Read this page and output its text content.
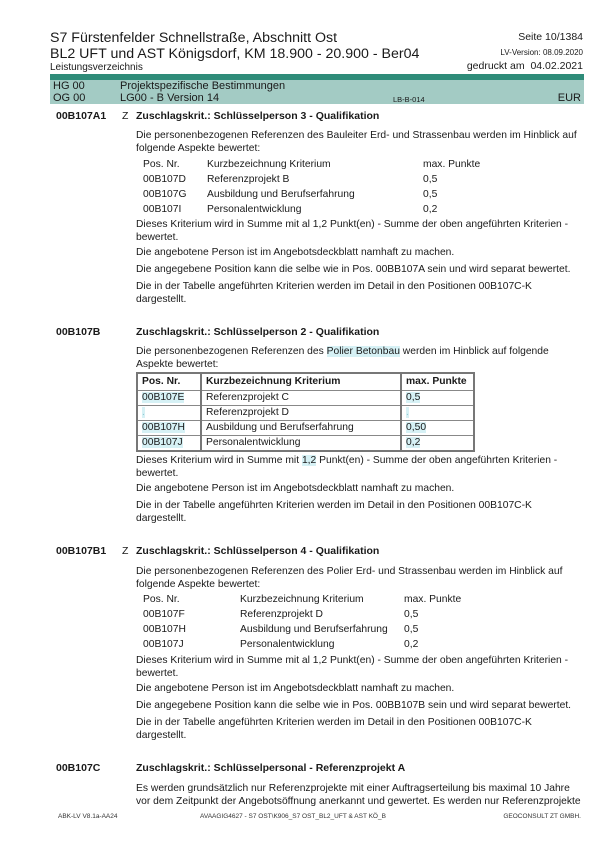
S7 Fürstenfelder Schnellstraße, Abschnitt Ost
BL2 UFT und AST Königsdorf, KM 18.900 - 20.900 - Ber04
Leistungsverzeichnis
Seite 10/1384
LV-Version: 08.09.2020
gedruckt am 04.02.2021
HG 00	Projektspezifische Bestimmungen
OG 00	LG00 - B Version 14	LB-B-014	EUR
00B107A1 Z Zuschlagskrit.: Schlüsselperson 3 - Qualifikation
Die personenbezogenen Referenzen des Bauleiter Erd- und Strassenbau werden im Hinblick auf folgende Aspekte bewertet:
Pos. Nr.	Kurzbezeichnung Kriterium	max. Punkte
00B107D	Referenzprojekt B	0,5
00B107G	Ausbildung und Berufserfahrung	0,5
00B107I	Personalentwicklung	0,2
Dieses Kriterium wird in Summe mit al 1,2 Punkt(en) - Summe der oben angeführten Kriterien - bewertet.
Die angebotene Person ist im Angebotsdeckblatt namhaft zu machen.
Die angegebene Position kann die selbe wie in Pos. 00BB107A sein und wird separat bewertet.
Die in der Tabelle angeführten Kriterien werden im Detail in den Positionen 00B107C-K dargestellt.
00B107B	Zuschlagskrit.: Schlüsselperson 2 - Qualifikation
Die personenbezogenen Referenzen des Polier Betonbau werden im Hinblick auf folgende Aspekte bewertet:
Pos. Nr.	Kurzbezeichnung Kriterium	max. Punkte
00B107E	Referenzprojekt C	0,5
.	Referenzprojekt D	.
00B107H	Ausbildung und Berufserfahrung	0,50
00B107J	Personalentwicklung	0,2
Dieses Kriterium wird in Summe mit 1,2 Punkt(en) - Summe der oben angeführten Kriterien - bewertet.
Die angebotene Person ist im Angebotsdeckblatt namhaft zu machen.
Die in der Tabelle angeführten Kriterien werden im Detail in den Positionen 00B107C-K dargestellt.
00B107B1 Z Zuschlagskrit.: Schlüsselperson 4 - Qualifikation
Die personenbezogenen Referenzen des Polier Erd- und Strassenbau werden im Hinblick auf folgende Aspekte bewertet:
Pos. Nr.	Kurzbezeichnung Kriterium	max. Punkte
00B107F	Referenzprojekt D	0,5
00B107H	Ausbildung und Berufserfahrung	0,5
00B107J	Personalentwicklung	0,2
Dieses Kriterium wird in Summe mit al 1,2 Punkt(en) - Summe der oben angeführten Kriterien - bewertet.
Die angebotene Person ist im Angebotsdeckblatt namhaft zu machen.
Die angegebene Position kann die selbe wie in Pos. 00BB107B sein und wird separat bewertet.
Die in der Tabelle angeführten Kriterien werden im Detail in den Positionen 00B107C-K dargestellt.
00B107C	Zuschlagskrit.: Schlüsselpersonal - Referenzprojekt A
Es werden grundsätzlich nur Referenzprojekte mit einer Auftragserteilung bis maximal 10 Jahre vor dem Zeitpunkt der Angebotsöffnung anerkannt und gewertet. Es werden nur Referenzprojekte
ABK-LV V8.1a-AA24	AVAAGIG4627 - S7 OST\K906_S7 OST_BL2_UFT & AST KÖ_B	GEOCONSULT ZT GMBH.
